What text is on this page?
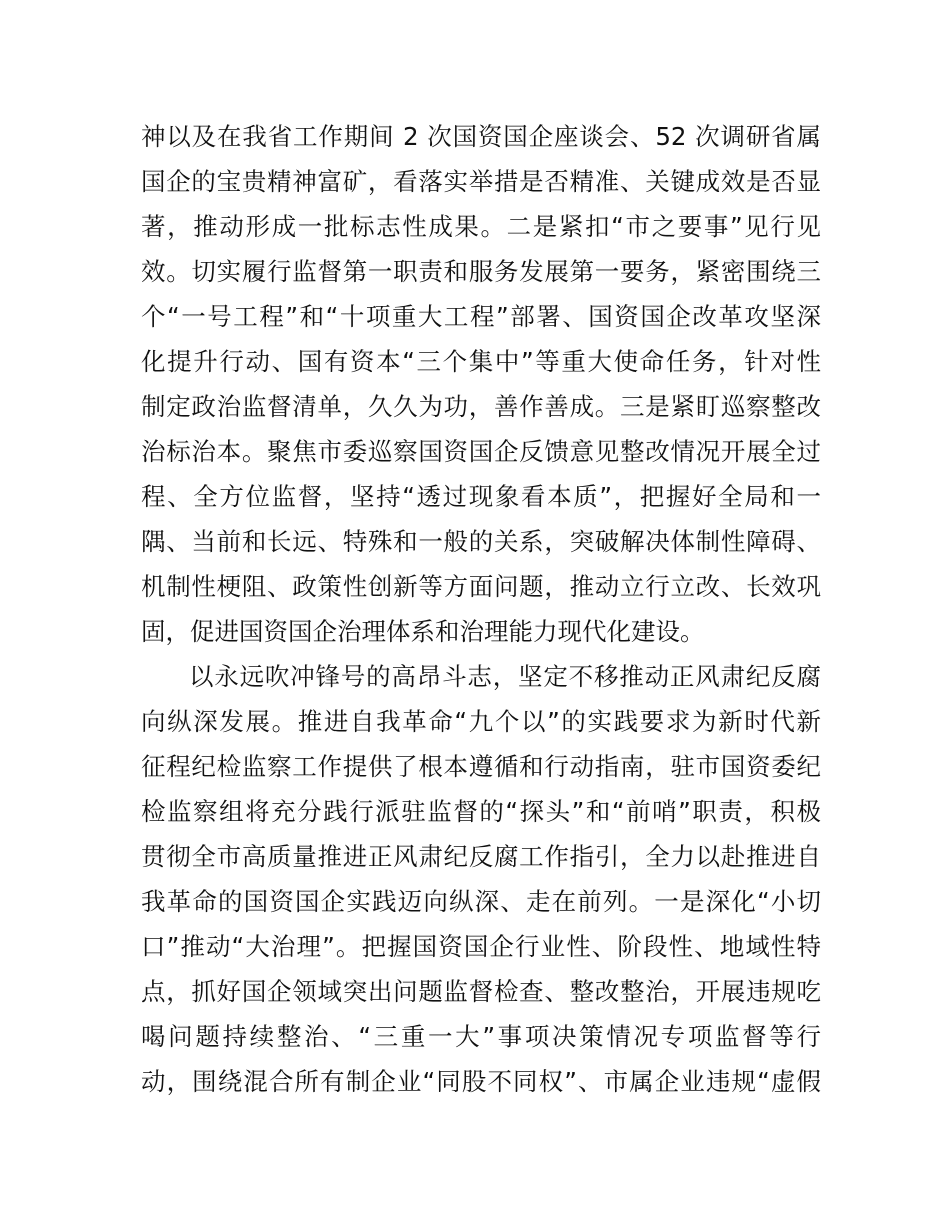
神以及在我省工作期间 2 次国资国企座谈会、52 次调研省属
国企的宝贵精神富矿，看落实举措是否精准、关键成效是否显
著，推动形成一批标志性成果。二是紧扣“市之要事”见行见
效。切实履行监督第一职责和服务发展第一要务，紧密围绕三
个“一号工程”和“十项重大工程”部署、国资国企改革攻坚深
化提升行动、国有资本“三个集中”等重大使命任务，针对性
制定政治监督清单，久久为功，善作善成。三是紧盯巡察整改
治标治本。聚焦市委巡察国资国企反馈意见整改情况开展全过
程、全方位监督，坚持“透过现象看本质”，把握好全局和一
隅、当前和长远、特殊和一般的关系，突破解决体制性障碍、
机制性梗阻、政策性创新等方面问题，推动立行立改、长效巩
固，促进国资国企治理体系和治理能力现代化建设。
以永远吹冲锋号的高昂斗志，坚定不移推动正风肃纪反腐
向纵深发展。推进自我革命“九个以”的实践要求为新时代新
征程纪检监察工作提供了根本遵循和行动指南，驻市国资委纪
检监察组将充分践行派驻监督的“探头”和“前哨”职责，积极
贯彻全市高质量推进正风肃纪反腐工作指引，全力以赴推进自
我革命的国资国企实践迈向纵深、走在前列。一是深化“小切
口”推动“大治理”。把握国资国企行业性、阶段性、地域性特
点，抓好国企领域突出问题监督检查、整改整治，开展违规吃
喝问题持续整治、“三重一大”事项决策情况专项监督等行
动，围绕混合所有制企业“同股不同权”、市属企业违规“虚假
